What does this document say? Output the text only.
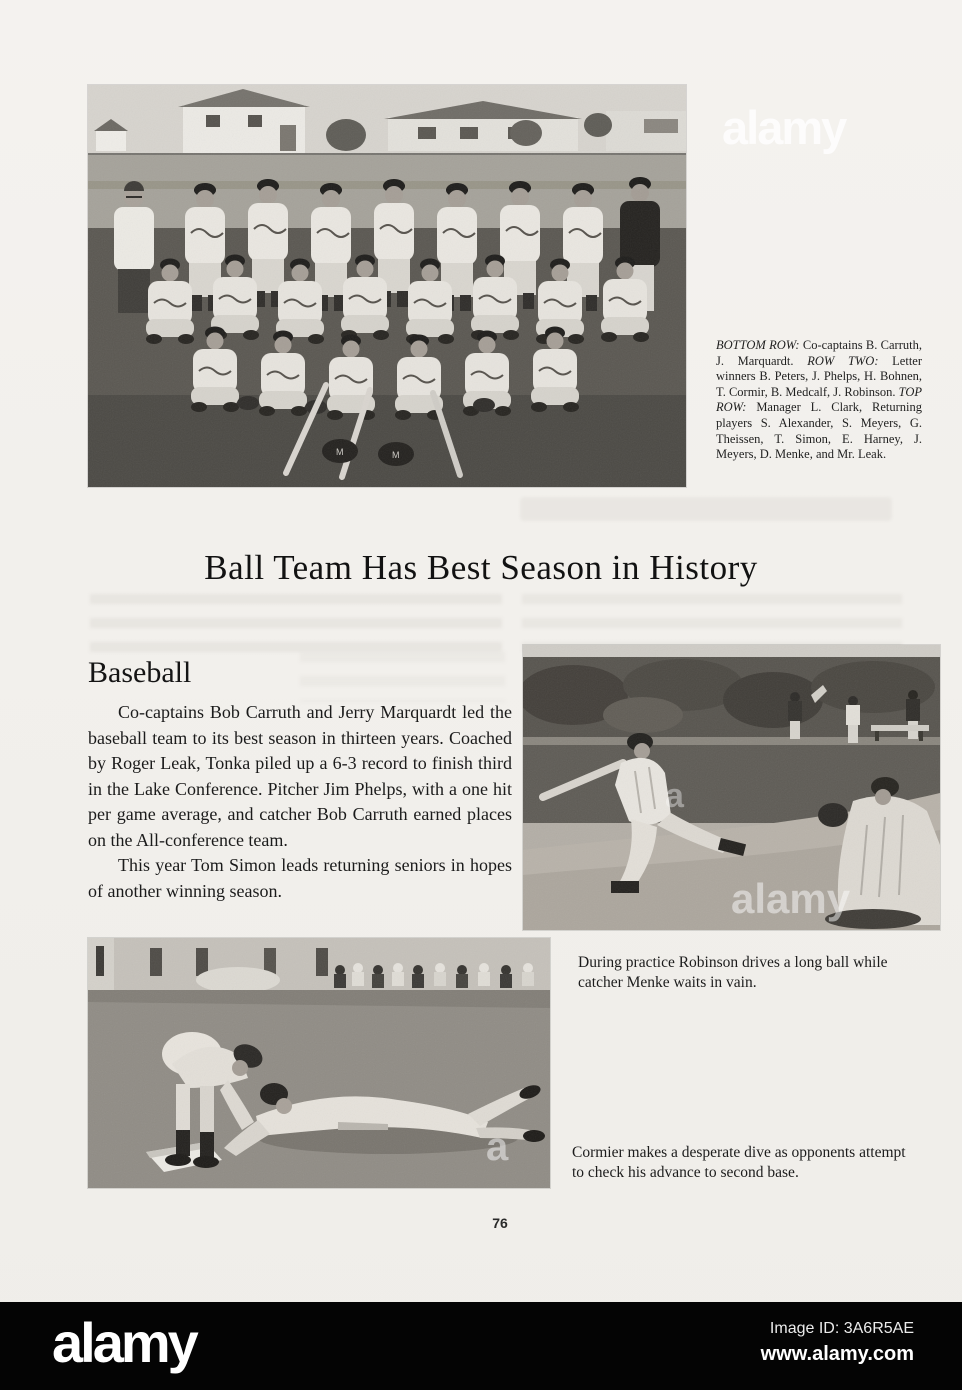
M	M
BOTTOM ROW: Co-captains B. Carruth, J. Marquardt. ROW TWO: Letter winners B. Peters, J. Phelps, H. Bohnen, T. Cormir, B. Medcalf, J. Robinson. TOP ROW: Manager L. Clark, Returning players S. Alexander, S. Meyers, G. Theissen, T. Simon, E. Harney, J. Meyers, D. Menke, and Mr. Leak.
Ball Team Has Best Season in History
Baseball

Co-captains Bob Carruth and Jerry Marquardt led the baseball team to its best season in thirteen years. Coached by Roger Leak, Tonka piled up a 6-3 record to finish third in the Lake Conference. Pitcher Jim Phelps, with a one hit per game average, and catcher Bob Carruth earned places on the All-conference team.

This year Tom Simon leads returning seniors in hopes of another winning season.	alamy
a
During practice Robinson drives a long ball while catcher Menke waits in vain.
a	Cormier makes a desperate dive as opponents attempt to check his advance to second base.
76
alamy
alamy	Image ID: 3A6R5AE

www.alamy.com
